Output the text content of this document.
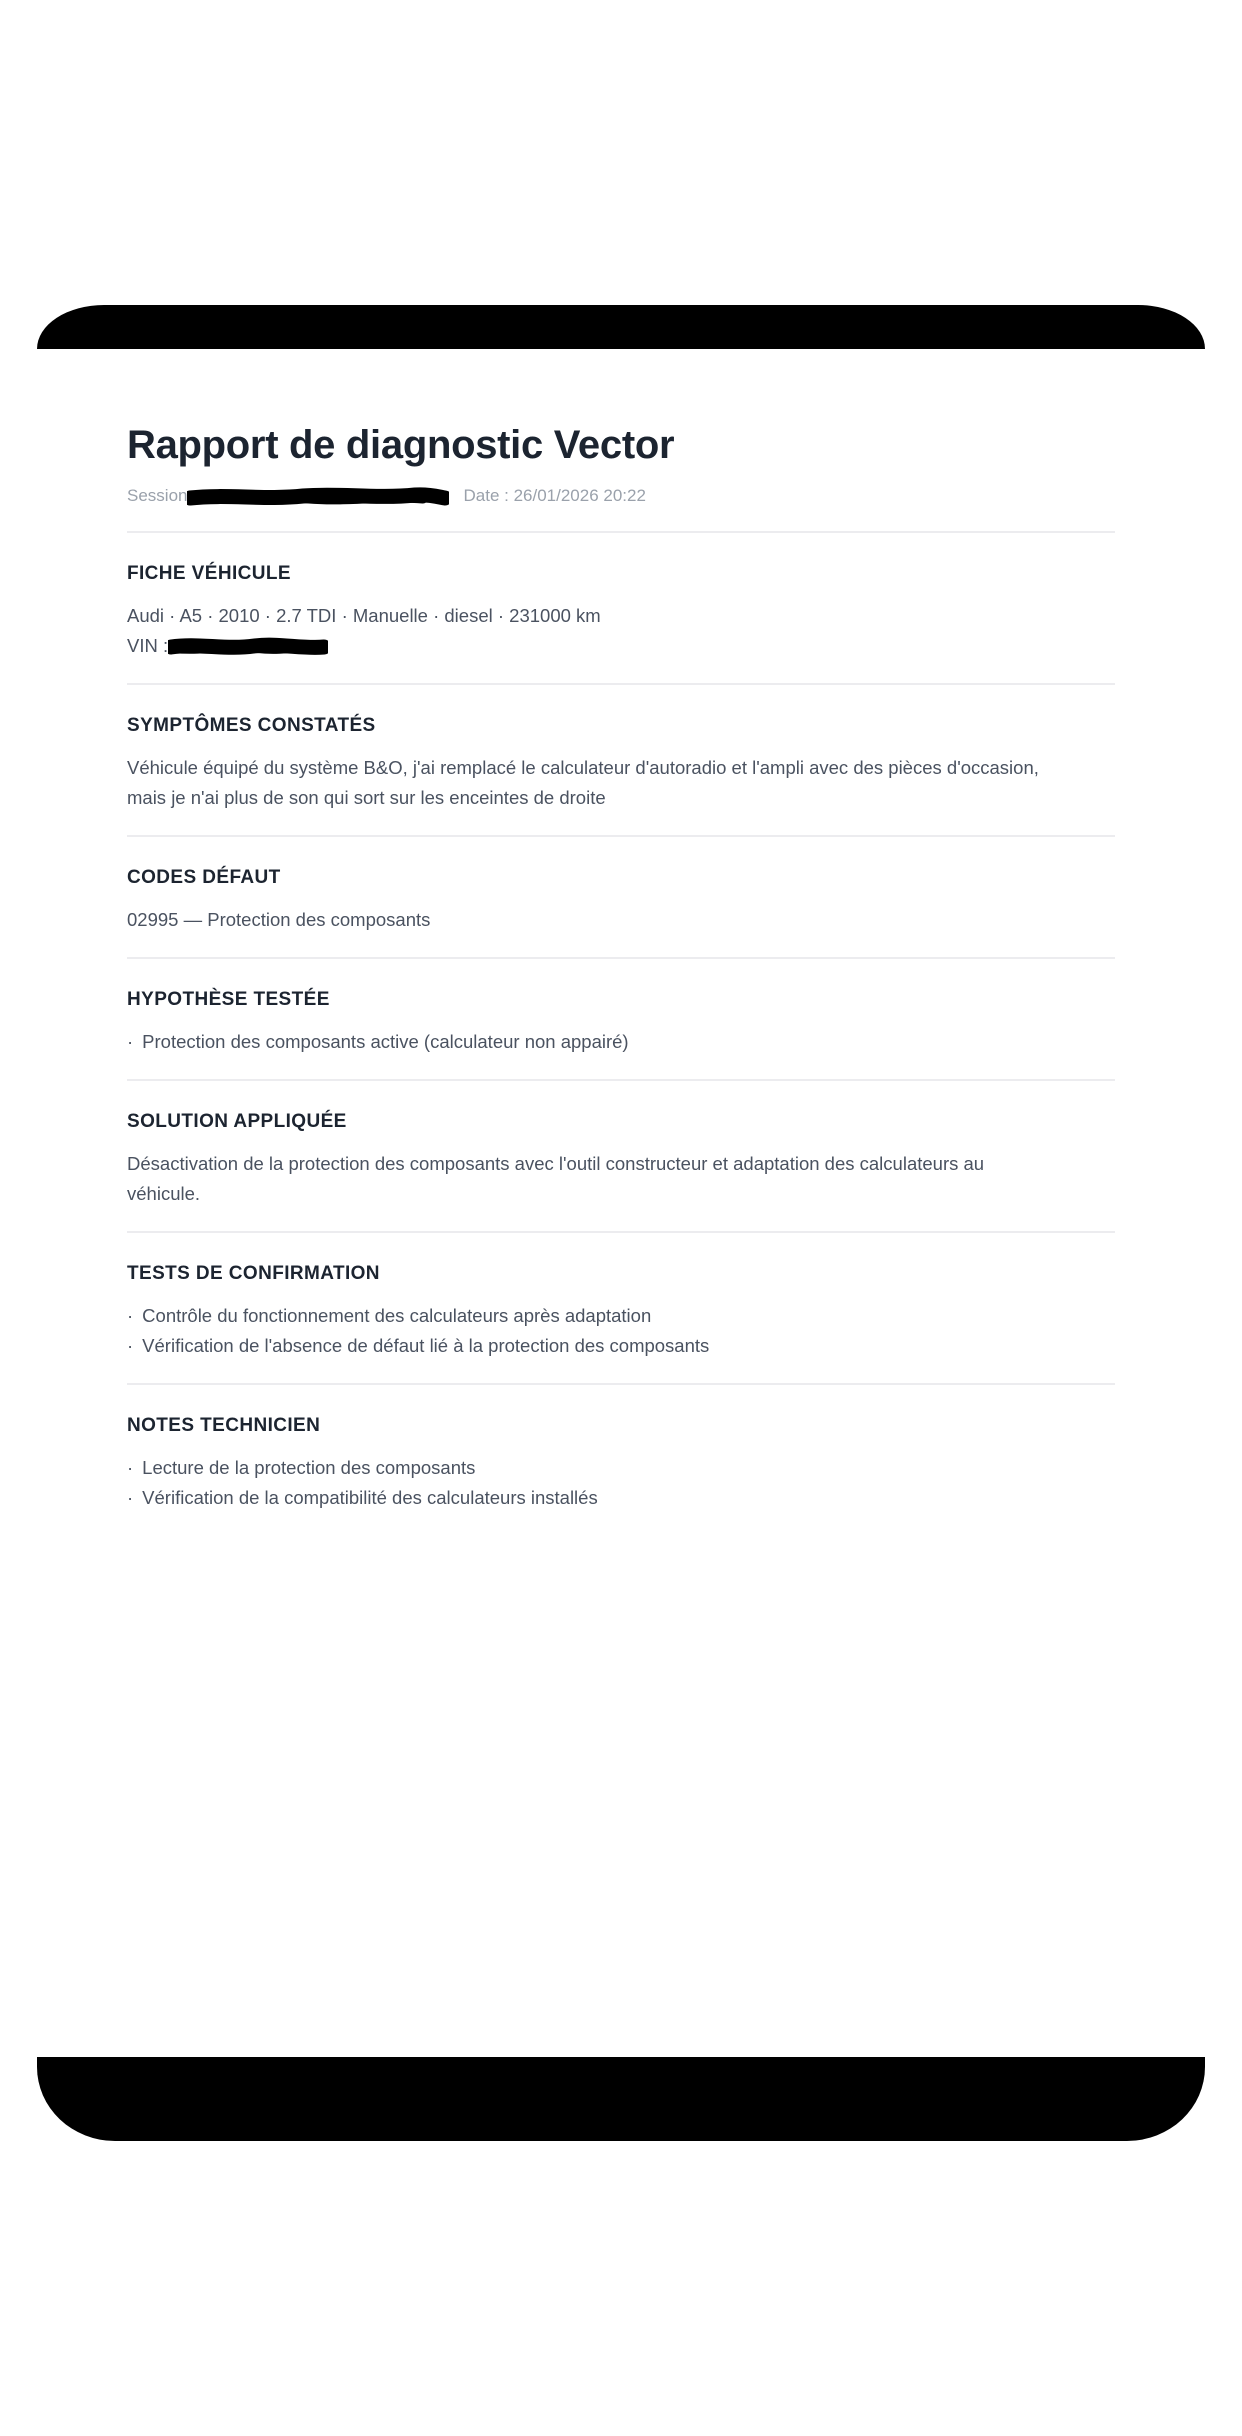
Rapport de diagnostic Vector
Session	Date : 26/01/2026 20:22
FICHE VÉHICULE
Audi · A5 · 2010 · 2.7 TDI · Manuelle · diesel · 231000 km
VIN :
SYMPTÔMES CONSTATÉS
Véhicule équipé du système B&O, j'ai remplacé le calculateur d'autoradio et l'ampli avec des pièces d'occasion, mais je n'ai plus de son qui sort sur les enceintes de droite
CODES DÉFAUT
02995 — Protection des composants
HYPOTHÈSE TESTÉE
· Protection des composants active (calculateur non appairé)
SOLUTION APPLIQUÉE
Désactivation de la protection des composants avec l'outil constructeur et adaptation des calculateurs au véhicule.
TESTS DE CONFIRMATION
· Contrôle du fonctionnement des calculateurs après adaptation
· Vérification de l'absence de défaut lié à la protection des composants
NOTES TECHNICIEN
· Lecture de la protection des composants
· Vérification de la compatibilité des calculateurs installés
